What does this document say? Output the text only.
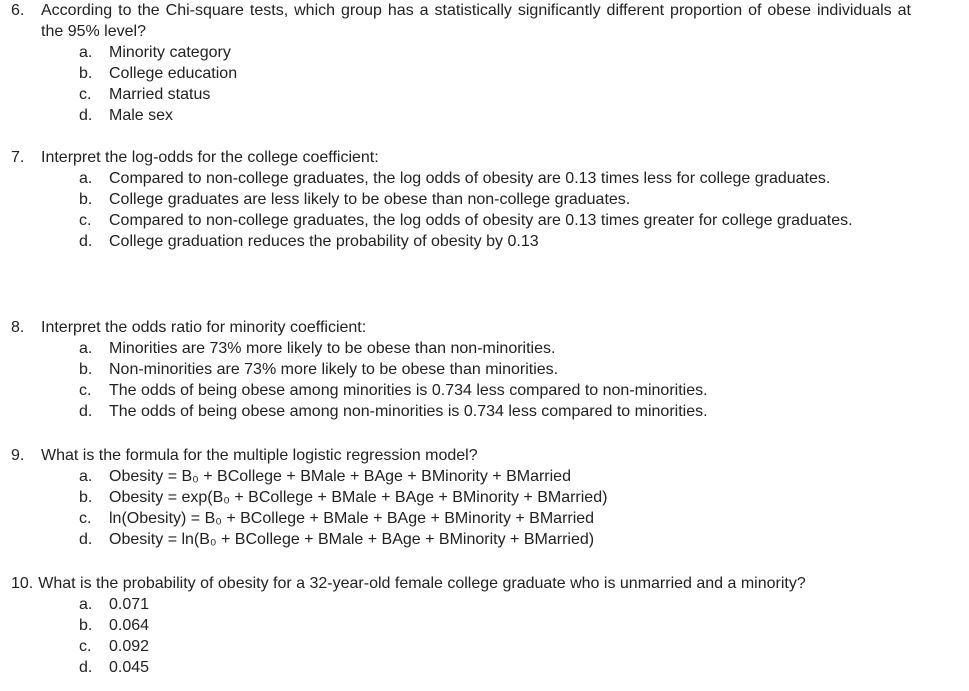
6.	According to the Chi-square tests, which group has a statistically significantly different proportion of obese individuals at the 95% level?
a.	Minority category
b.	College education
c.	Married status
d.	Male sex
7.	Interpret the log-odds for the college coefficient:
a.	Compared to non-college graduates, the log odds of obesity are 0.13 times less for college graduates.
b.	College graduates are less likely to be obese than non-college graduates.
c.	Compared to non-college graduates, the log odds of obesity are 0.13 times greater for college graduates.
d.	College graduation reduces the probability of obesity by 0.13
8.	Interpret the odds ratio for minority coefficient:
a.	Minorities are 73% more likely to be obese than non-minorities.
b.	Non-minorities are 73% more likely to be obese than minorities.
c.	The odds of being obese among minorities is 0.734 less compared to non-minorities.
d.	The odds of being obese among non-minorities is 0.734 less compared to minorities.
9.	What is the formula for the multiple logistic regression model?
a.	Obesity = B₀ + BCollege + BMale + BAge + BMinority + BMarried
b.	Obesity = exp(B₀ + BCollege + BMale + BAge + BMinority + BMarried)
c.	ln(Obesity) = B₀ + BCollege + BMale + BAge + BMinority + BMarried
d.	Obesity = ln(B₀ + BCollege + BMale + BAge + BMinority + BMarried)
10. What is the probability of obesity for a 32-year-old female college graduate who is unmarried and a minority?
a.	0.071
b.	0.064
c.	0.092
d.	0.045
